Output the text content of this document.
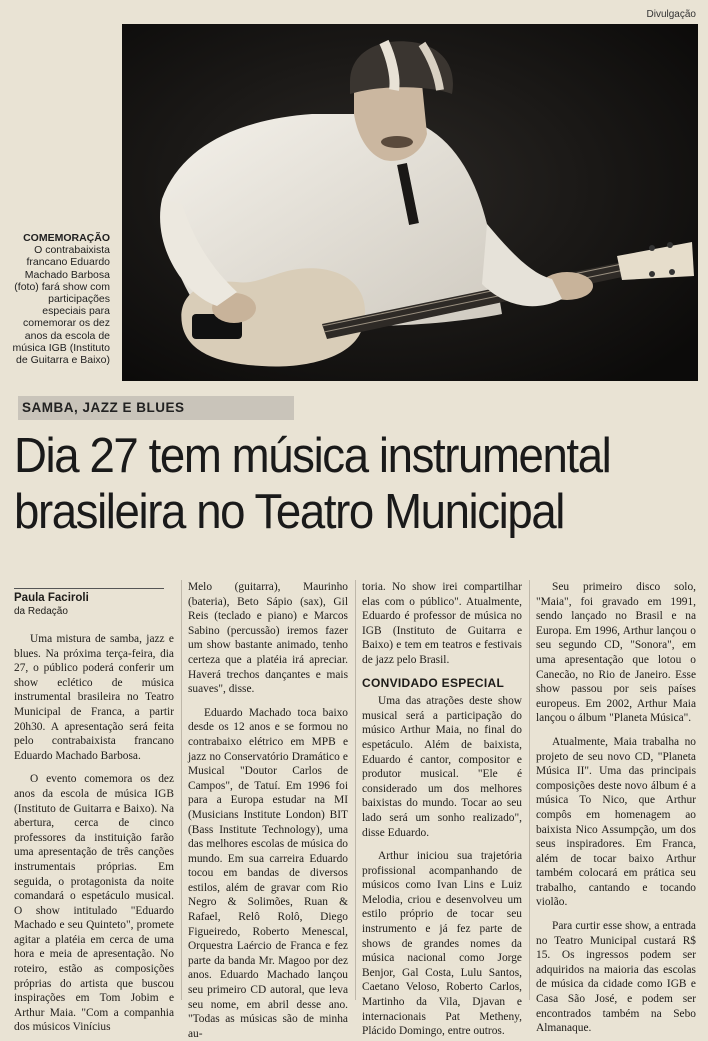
Divulgação
COMEMORAÇÃO
O contrabaixista francano Eduardo Machado Barbosa (foto) fará show com participações especiais para comemorar os dez anos da escola de música IGB (Instituto de Guitarra e Baixo)
SAMBA, JAZZ E BLUES
Dia 27 tem música instrumental
brasileira no Teatro Municipal
Paula Faciroli
da Redação

Uma mistura de samba, jazz e blues. Na próxima terça-feira, dia 27, o público poderá conferir um show eclético de música instrumental brasileira no Teatro Municipal de Franca, a partir 20h30. A apresentação será feita pelo contrabaixista francano Eduardo Machado Barbosa.

O evento comemora os dez anos da escola de música IGB (Instituto de Guitarra e Baixo). Na abertura, cerca de cinco professores da instituição farão uma apresentação de três canções instrumentais próprias. Em seguida, o protagonista da noite comandará o espetáculo musical. O show intitulado "Eduardo Machado e seu Quinteto", promete agitar a platéia em cerca de uma hora e meia de apresentação. No roteiro, estão as composições próprias do artista que buscou inspirações em Tom Jobim e Arthur Maia. "Com a companhia dos músicos Vinícius

Melo (guitarra), Maurinho (bateria), Beto Sápio (sax), Gil Reis (teclado e piano) e Marcos Sabino (percussão) iremos fazer um show bastante animado, tenho certeza que a platéia irá apreciar. Haverá trechos dançantes e mais suaves", disse.

Eduardo Machado toca baixo desde os 12 anos e se formou no contrabaixo elétrico em MPB e jazz no Conservatório Dramático e Musical "Doutor Carlos de Campos", de Tatuí. Em 1996 foi para a Europa estudar na MI (Musicians Institute London) BIT (Bass Institute Technology), uma das melhores escolas de música do mundo. Em sua carreira Eduardo tocou em bandas de diversos estilos, além de gravar com Rio Negro & Solimões, Ruan & Rafael, Relô Rolô, Diego Figueiredo, Roberto Menescal, Orquestra Laércio de Franca e fez parte da banda Mr. Magoo por dez anos. Eduardo Machado lançou seu primeiro CD autoral, que leva seu nome, em abril desse ano. "Todas as músicas são de minha au-

toria. No show irei compartilhar elas com o público". Atualmente, Eduardo é professor de música no IGB (Instituto de Guitarra e Baixo) e tem em teatros e festivais de jazz pelo Brasil.

CONVIDADO ESPECIAL

Uma das atrações deste show musical será a participação do músico Arthur Maia, no final do espetáculo. Além de baixista, Eduardo é cantor, compositor e produtor musical. "Ele é considerado um dos melhores baixistas do mundo. Tocar ao seu lado será um sonho realizado", disse Eduardo.

Arthur iniciou sua trajetória profissional acompanhando de músicos como Ivan Lins e Luiz Melodia, criou e desenvolveu um estilo próprio de tocar seu instrumento e já fez parte de shows de grandes nomes da música nacional como Jorge Benjor, Gal Costa, Lulu Santos, Caetano Veloso, Roberto Carlos, Martinho da Vila, Djavan e internacionais Pat Metheny, Plácido Domingo, entre outros.

Seu primeiro disco solo, "Maia", foi gravado em 1991, sendo lançado no Brasil e na Europa. Em 1996, Arthur lançou o seu segundo CD, "Sonora", em uma apresentação que lotou o Canecão, no Rio de Janeiro. Esse show passou por seis países europeus. Em 2002, Arthur Maia lançou o álbum "Planeta Música".

Atualmente, Maia trabalha no projeto de seu novo CD, "Planeta Música II". Uma das principais composições deste novo álbum é a música To Nico, que Arthur compôs em homenagem ao baixista Nico Assumpção, um dos seus inspiradores. Em Franca, além de tocar baixo Arthur também colocará em prática seu trabalho, cantando e tocando violão.

Para curtir esse show, a entrada no Teatro Municipal custará R$ 15. Os ingressos podem ser adquiridos na maioria das escolas de música da cidade como IGB e Casa São José, e podem ser encontrados também na Sebo Almanaque.
